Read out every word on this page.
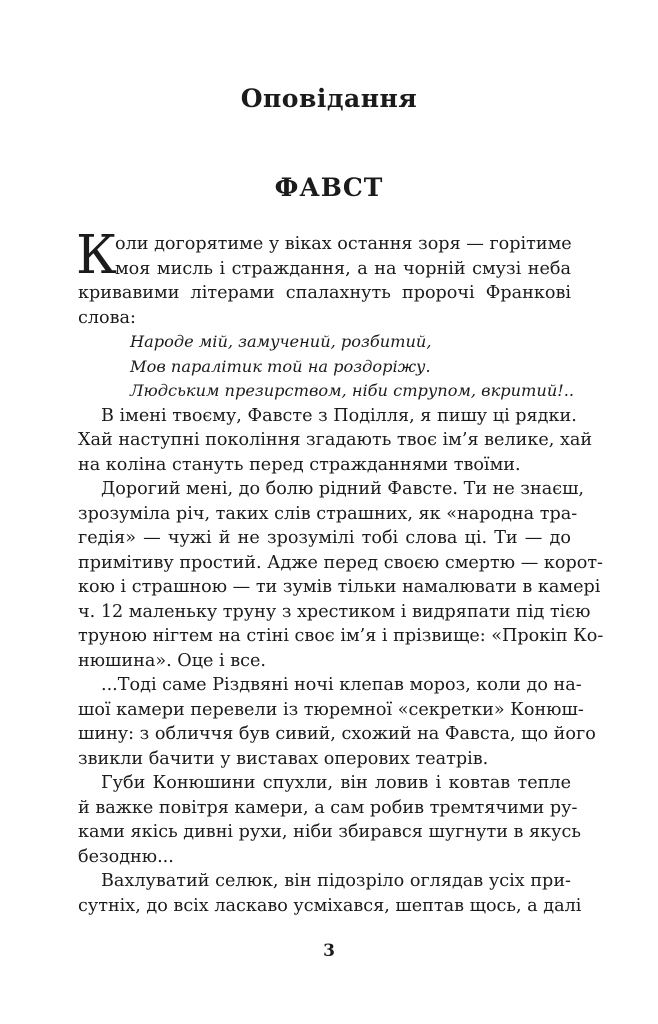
Оповідання
ФАВСТ
К
оли догорятиме у віках остання зоря — горітиме
моя мисль і страждання, а на чорній смузі неба
кривавими літерами спалахнуть пророчі Франкові
слова:
Народе мій, замучений, розбитий,
Мов паралітик той на роздоріжу.
Людським презирством, ніби струпом, вкритий!..
В імені твоєму, Фавсте з Поділля, я пишу ці рядки.
Хай наступні покоління згадають твоє ім’я велике, хай
на коліна стануть перед стражданнями твоїми.
Дорогий мені, до болю рідний Фавсте. Ти не знаєш,
зрозуміла річ, таких слів страшних, як «народна тра-
гедія» — чужі й не зрозумілі тобі слова ці. Ти — до
примітиву простий. Адже перед своєю смертю — корот-
кою і страшною — ти зумів тільки намалювати в камері
ч. 12 маленьку труну з хрестиком і видряпати під тією
труною нігтем на стіні своє ім’я і прізвище: «Прокіп Ко-
нюшина». Оце і все.
...Тоді саме Різдвяні ночі клепав мороз, коли до на-
шої камери перевели із тюремної «секретки» Конюш-
шину: з обличчя був сивий, схожий на Фавста, що його
звикли бачити у виставах оперових театрів.
Губи Конюшини спухли, він ловив і ковтав тепле
й важке повітря камери, а сам робив тремтячими ру-
ками якісь дивні рухи, ніби збирався шугнути в якусь
безодню...
Вахлуватий селюк, він підозріло оглядав усіх при-
сутніх, до всіх ласкаво усміхався, шептав щось, а далі
3
